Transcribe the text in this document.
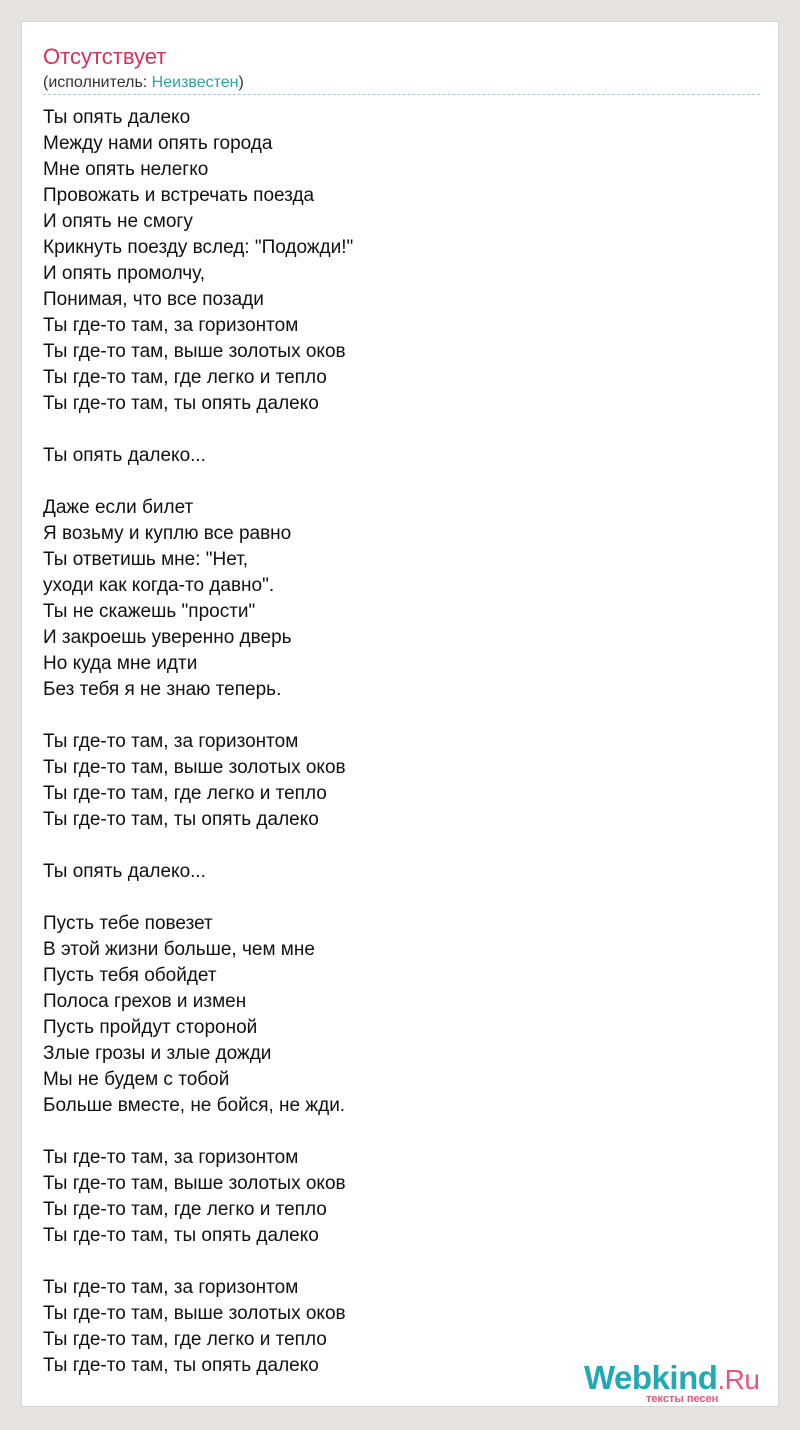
Отсутствует
(исполнитель: Неизвестен)
Ты опять далеко
Между нами опять города
Мне опять нелегко
Провожать и встречать поезда
И опять не смогу
Крикнуть поезду вслед: "Подожди!"
И опять промолчу,
Понимая, что все позади
Ты где-то там, за горизонтом
Ты где-то там, выше золотых оков
Ты где-то там, где легко и тепло
Ты где-то там, ты опять далеко
Ты опять далеко...
Даже если билет
Я возьму и куплю все равно
Ты ответишь мне: "Нет,
уходи как когда-то давно".
Ты не скажешь "прости"
И закроешь уверенно дверь
Но куда мне идти
Без тебя я не знаю теперь.
Ты где-то там, за горизонтом
Ты где-то там, выше золотых оков
Ты где-то там, где легко и тепло
Ты где-то там, ты опять далеко
Ты опять далеко...
Пусть тебе повезет
В этой жизни больше, чем мне
Пусть тебя обойдет
Полоса грехов и измен
Пусть пройдут стороной
Злые грозы и злые дожди
Мы не будем с тобой
Больше вместе, не бойся, не жди.
Ты где-то там, за горизонтом
Ты где-то там, выше золотых оков
Ты где-то там, где легко и тепло
Ты где-то там, ты опять далеко
Ты где-то там, за горизонтом
Ты где-то там, выше золотых оков
Ты где-то там, где легко и тепло
Ты где-то там, ты опять далеко	Webkind.Ru
тексты песен
